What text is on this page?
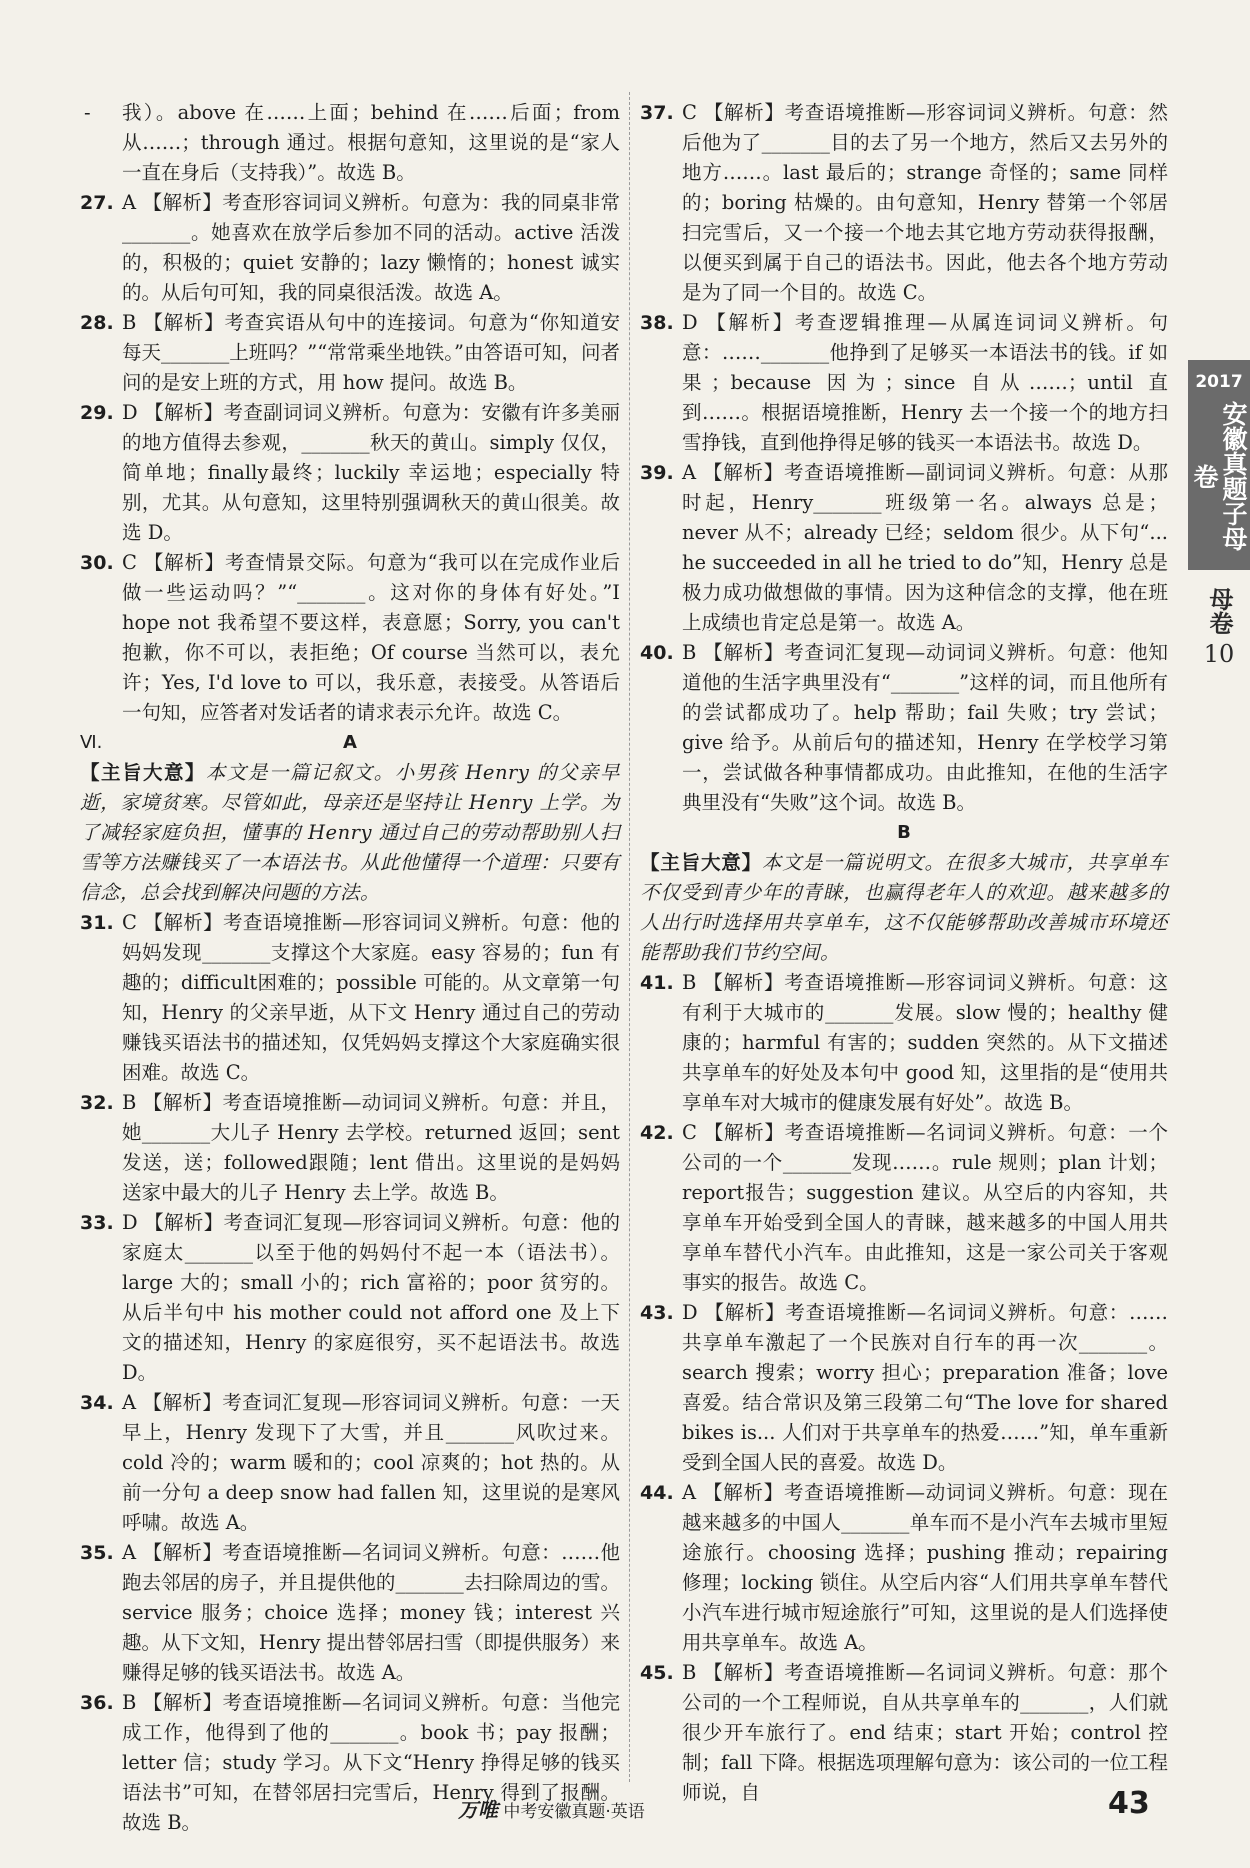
- 我）。above 在……上面；behind 在……后面；from 从……；through 通过。根据句意知，这里说的是“家人一直在身后（支持我）”。故选 B。

27. A 【解析】考查形容词词义辨析。句意为：我的同桌非常_______。她喜欢在放学后参加不同的活动。active 活泼的，积极的；quiet 安静的；lazy 懒惰的；honest 诚实的。从后句可知，我的同桌很活泼。故选 A。

28. B 【解析】考查宾语从句中的连接词。句意为“你知道安每天_______上班吗？”“常常乘坐地铁。”由答语可知，问者问的是安上班的方式，用 how 提问。故选 B。

29. D 【解析】考查副词词义辨析。句意为：安徽有许多美丽的地方值得去参观，_______秋天的黄山。simply 仅仅，简单地；finally最终；luckily 幸运地；especially 特别，尤其。从句意知，这里特别强调秋天的黄山很美。故选 D。

30. C 【解析】考查情景交际。句意为“我可以在完成作业后做一些运动吗？”“_______。这对你的身体有好处。”I hope not 我希望不要这样，表意愿；Sorry, you can't 抱歉，你不可以，表拒绝；Of course 当然可以，表允许；Yes, I'd love to 可以，我乐意，表接受。从答语后一句知，应答者对发话者的请求表示允许。故选 C。

Ⅵ.	A

【主旨大意】本文是一篇记叙文。小男孩 Henry 的父亲早逝，家境贫寒。尽管如此，母亲还是坚持让 Henry 上学。为了减轻家庭负担，懂事的 Henry 通过自己的劳动帮助别人扫雪等方法赚钱买了一本语法书。从此他懂得一个道理：只要有信念，总会找到解决问题的方法。

31. C 【解析】考查语境推断—形容词词义辨析。句意：他的妈妈发现_______支撑这个大家庭。easy 容易的；fun 有趣的；difficult困难的；possible 可能的。从文章第一句知，Henry 的父亲早逝，从下文 Henry 通过自己的劳动赚钱买语法书的描述知，仅凭妈妈支撑这个大家庭确实很困难。故选 C。

32. B 【解析】考查语境推断—动词词义辨析。句意：并且，她_______大儿子 Henry 去学校。returned 返回；sent 发送，送；followed跟随；lent 借出。这里说的是妈妈送家中最大的儿子 Henry 去上学。故选 B。

33. D 【解析】考查词汇复现—形容词词义辨析。句意：他的家庭太_______以至于他的妈妈付不起一本（语法书）。large 大的；small 小的；rich 富裕的；poor 贫穷的。从后半句中 his mother could not afford one 及上下文的描述知，Henry 的家庭很穷，买不起语法书。故选 D。

34. A 【解析】考查词汇复现—形容词词义辨析。句意：一天早上，Henry 发现下了大雪，并且_______风吹过来。cold 冷的；warm 暖和的；cool 凉爽的；hot 热的。从前一分句 a deep snow had fallen 知，这里说的是寒风呼啸。故选 A。

35. A 【解析】考查语境推断—名词词义辨析。句意：……他跑去邻居的房子，并且提供他的_______去扫除周边的雪。service 服务；choice 选择；money 钱；interest 兴趣。从下文知，Henry 提出替邻居扫雪（即提供服务）来赚得足够的钱买语法书。故选 A。

36. B 【解析】考查语境推断—名词词义辨析。句意：当他完成工作，他得到了他的_______。book 书；pay 报酬；letter 信；study 学习。从下文“Henry 挣得足够的钱买语法书”可知，在替邻居扫完雪后，Henry 得到了报酬。故选 B。

37. C 【解析】考查语境推断—形容词词义辨析。句意：然后他为了_______目的去了另一个地方，然后又去另外的地方……。last 最后的；strange 奇怪的；same 同样的；boring 枯燥的。由句意知，Henry 替第一个邻居扫完雪后，又一个接一个地去其它地方劳动获得报酬，以便买到属于自己的语法书。因此，他去各个地方劳动是为了同一个目的。故选 C。

38. D 【解析】考查逻辑推理—从属连词词义辨析。句意：……_______他挣到了足够买一本语法书的钱。if 如果；because 因为；since 自从……；until 直到……。根据语境推断，Henry 去一个接一个的地方扫雪挣钱，直到他挣得足够的钱买一本语法书。故选 D。

39. A 【解析】考查语境推断—副词词义辨析。句意：从那时起，Henry_______班级第一名。always 总是；never 从不；already 已经；seldom 很少。从下句“... he succeeded in all he tried to do”知，Henry 总是极力成功做想做的事情。因为这种信念的支撑，他在班上成绩也肯定总是第一。故选 A。

40. B 【解析】考查词汇复现—动词词义辨析。句意：他知道他的生活字典里没有“_______”这样的词，而且他所有的尝试都成功了。help 帮助；fail 失败；try 尝试；give 给予。从前后句的描述知，Henry 在学校学习第一，尝试做各种事情都成功。由此推知，在他的生活字典里没有“失败”这个词。故选 B。

B

【主旨大意】本文是一篇说明文。在很多大城市，共享单车不仅受到青少年的青睐，也赢得老年人的欢迎。越来越多的人出行时选择用共享单车，这不仅能够帮助改善城市环境还能帮助我们节约空间。

41. B 【解析】考查语境推断—形容词词义辨析。句意：这有利于大城市的_______发展。slow 慢的；healthy 健康的；harmful 有害的；sudden 突然的。从下文描述共享单车的好处及本句中 good 知，这里指的是“使用共享单车对大城市的健康发展有好处”。故选 B。

42. C 【解析】考查语境推断—名词词义辨析。句意：一个公司的一个_______发现……。rule 规则；plan 计划；report报告；suggestion 建议。从空后的内容知，共享单车开始受到全国人的青睐，越来越多的中国人用共享单车替代小汽车。由此推知，这是一家公司关于客观事实的报告。故选 C。

43. D 【解析】考查语境推断—名词词义辨析。句意：……共享单车激起了一个民族对自行车的再一次_______。search 搜索；worry 担心；preparation 准备；love 喜爱。结合常识及第三段第二句“The love for shared bikes is... 人们对于共享单车的热爱……”知，单车重新受到全国人民的喜爱。故选 D。

44. A 【解析】考查语境推断—动词词义辨析。句意：现在越来越多的中国人_______单车而不是小汽车去城市里短途旅行。choosing 选择；pushing 推动；repairing 修理；locking 锁住。从空后内容“人们用共享单车替代小汽车进行城市短途旅行”可知，这里说的是人们选择使用共享单车。故选 A。

45. B 【解析】考查语境推断—名词词义辨析。句意：那个公司的一个工程师说，自从共享单车的_______，人们就很少开车旅行了。end 结束；start 开始；control 控制；fall 下降。根据选项理解句意为：该公司的一位工程师说，自

2017
安徽真题子母卷
母卷
10
万唯 中考安徽真题·英语	43
